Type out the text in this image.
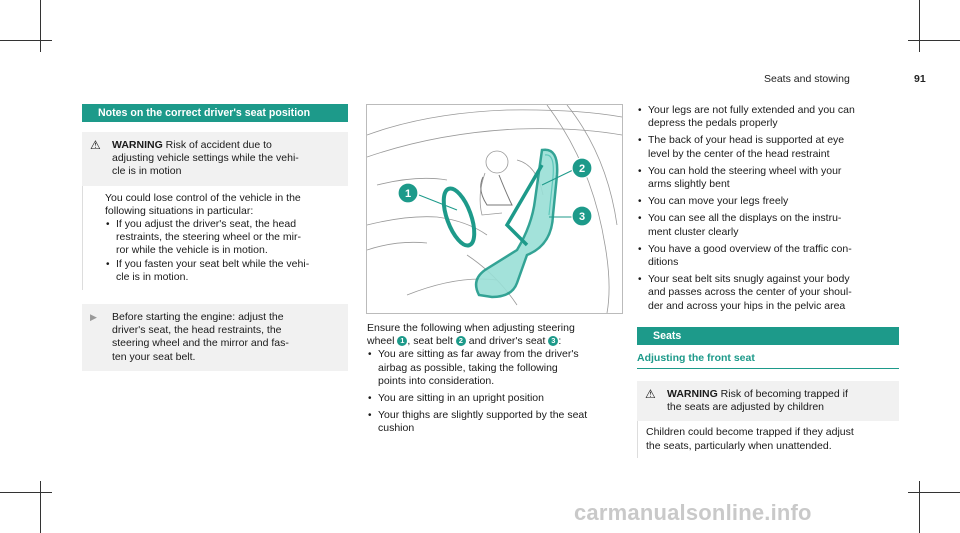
Seats and stowing	91
Notes on the correct driver's seat position
⚠	WARNING Risk of accident due to
adjusting vehicle settings while the vehi-
cle is in motion
You could lose control of the vehicle in the
following situations in particular:
• If you adjust the driver's seat, the head
restraints, the steering wheel or the mir-
ror while the vehicle is in motion.
• If you fasten your seat belt while the vehi-
cle is in motion.
▶	Before starting the engine: adjust the
driver's seat, the head restraints, the
steering wheel and the mirror and fas-
ten your seat belt.
1
2
3
Ensure the following when adjusting steering
wheel 1 , seat belt 2 and driver's seat 3 :
• You are sitting as far away from the driver's
airbag as possible, taking the following
points into consideration.
• You are sitting in an upright position
• Your thighs are slightly supported by the seat
cushion
• Your legs are not fully extended and you can
depress the pedals properly
• The back of your head is supported at eye
level by the center of the head restraint
• You can hold the steering wheel with your
arms slightly bent
• You can move your legs freely
• You can see all the displays on the instru-
ment cluster clearly
• You have a good overview of the traffic con-
ditions
• Your seat belt sits snugly against your body
and passes across the center of your shoul-
der and across your hips in the pelvic area
Seats
Adjusting the front seat
⚠	WARNING Risk of becoming trapped if
the seats are adjusted by children
Children could become trapped if they adjust
the seats, particularly when unattended.
carmanualsonline.info
